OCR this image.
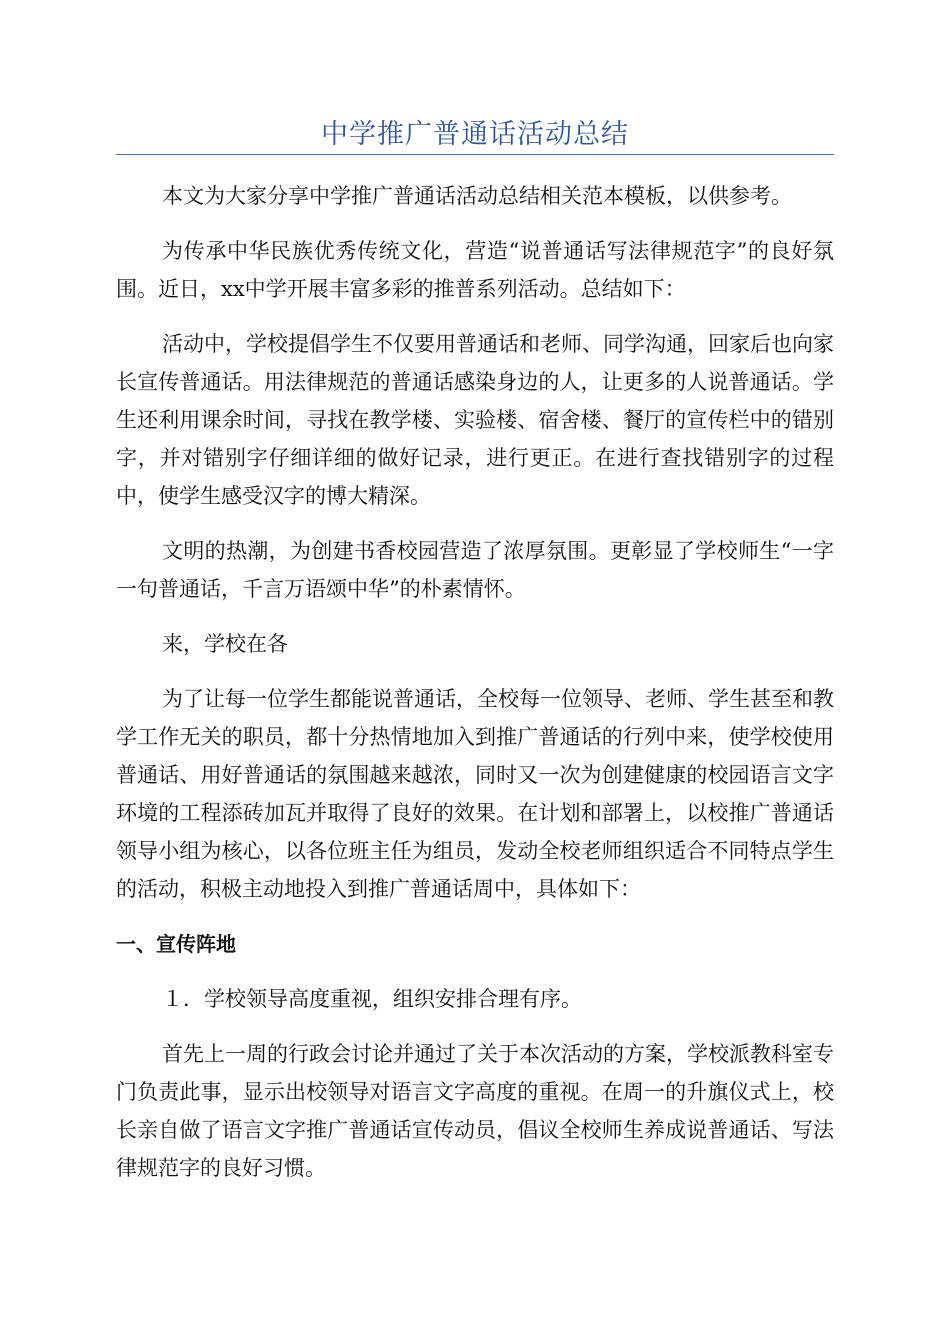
中学推广普通话活动总结

本文为大家分享中学推广普通话活动总结相关范本模板，以供参考。

为传承中华民族优秀传统文化，营造“说普通话写法律规范字”的良好氛围。近日，xx中学开展丰富多彩的推普系列活动。总结如下：

活动中，学校提倡学生不仅要用普通话和老师、同学沟通，回家后也向家长宣传普通话。用法律规范的普通话感染身边的人，让更多的人说普通话。学生还利用课余时间，寻找在教学楼、实验楼、宿舍楼、餐厅的宣传栏中的错别字，并对错别字仔细详细的做好记录，进行更正。在进行查找错别字的过程中，使学生感受汉字的博大精深。

文明的热潮，为创建书香校园营造了浓厚氛围。更彰显了学校师生“一字一句普通话，千言万语颂中华”的朴素情怀。

来，学校在各

为了让每一位学生都能说普通话，全校每一位领导、老师、学生甚至和教学工作无关的职员，都十分热情地加入到推广普通话的行列中来，使学校使用普通话、用好普通话的氛围越来越浓，同时又一次为创建健康的校园语言文字环境的工程添砖加瓦并取得了良好的效果。在计划和部署上，以校推广普通话领导小组为核心，以各位班主任为组员，发动全校老师组织适合不同特点学生的活动，积极主动地投入到推广普通话周中，具体如下：

一、宣传阵地

１．学校领导高度重视，组织安排合理有序。

首先上一周的行政会讨论并通过了关于本次活动的方案，学校派教科室专门负责此事，显示出校领导对语言文字高度的重视。在周一的升旗仪式上，校长亲自做了语言文字推广普通话宣传动员，倡议全校师生养成说普通话、写法律规范字的良好习惯。
